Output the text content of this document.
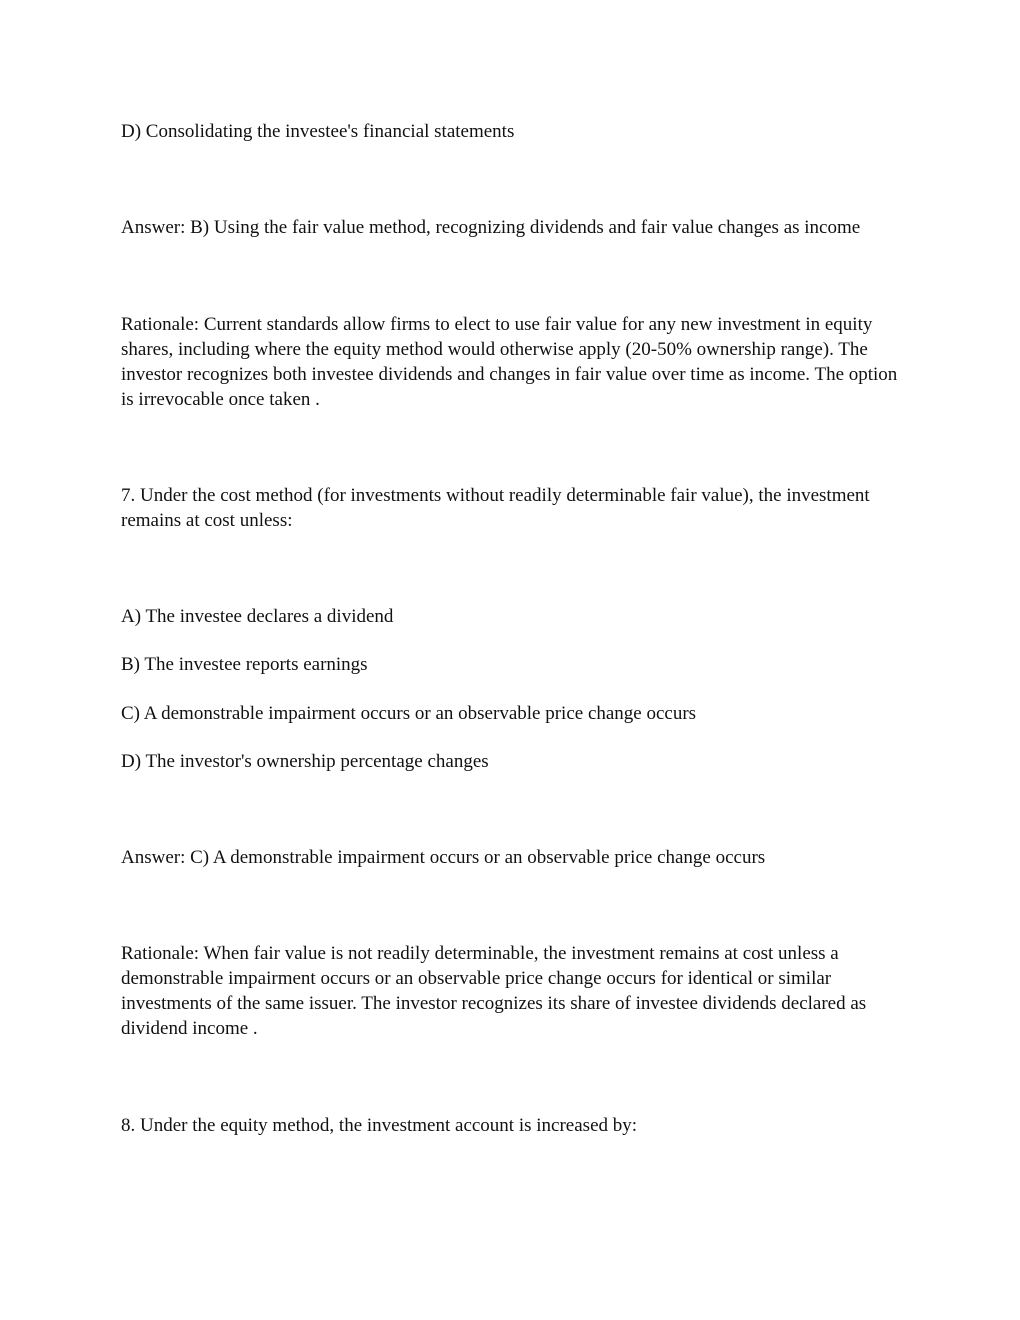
D) Consolidating the investee's financial statements

Answer: B) Using the fair value method, recognizing dividends and fair value changes as income

Rationale: Current standards allow firms to elect to use fair value for any new investment in equity shares, including where the equity method would otherwise apply (20-50% ownership range). The investor recognizes both investee dividends and changes in fair value over time as income. The option is irrevocable once taken .

7. Under the cost method (for investments without readily determinable fair value), the investment remains at cost unless:

A) The investee declares a dividend

B) The investee reports earnings

C) A demonstrable impairment occurs or an observable price change occurs

D) The investor's ownership percentage changes

Answer: C) A demonstrable impairment occurs or an observable price change occurs

Rationale: When fair value is not readily determinable, the investment remains at cost unless a demonstrable impairment occurs or an observable price change occurs for identical or similar investments of the same issuer. The investor recognizes its share of investee dividends declared as dividend income .

8. Under the equity method, the investment account is increased by:
